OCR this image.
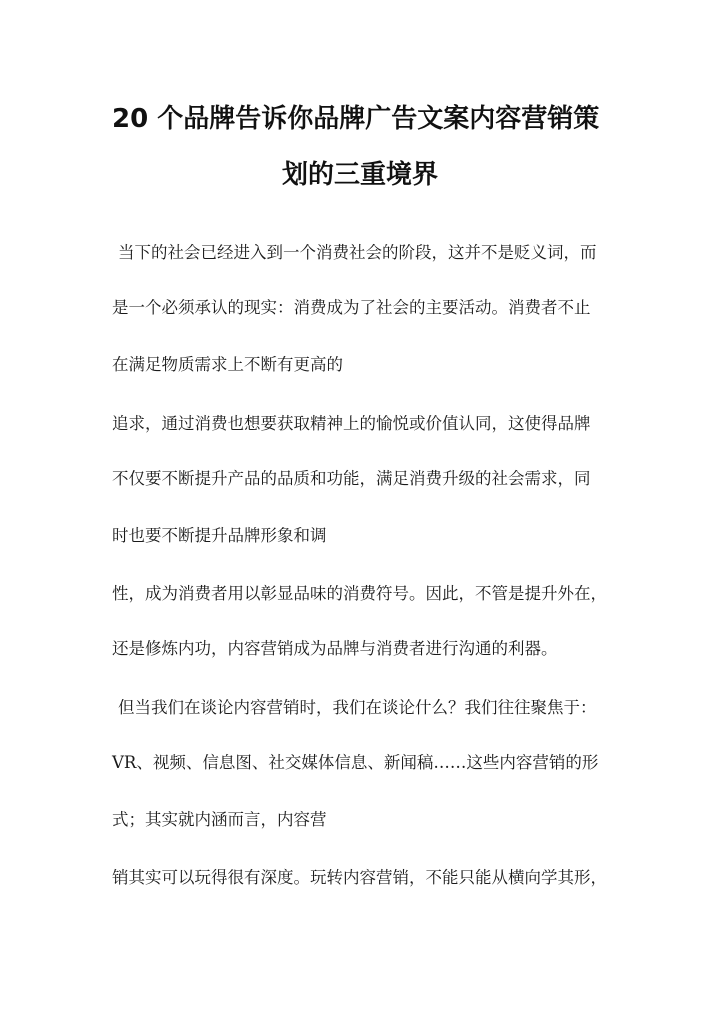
20 个品牌告诉你品牌广告文案内容营销策
划的三重境界
当下的社会已经进入到一个消费社会的阶段，这并不是贬义词，而
是一个必须承认的现实：消费成为了社会的主要活动。消费者不止
在满足物质需求上不断有更高的
追求，通过消费也想要获取精神上的愉悦或价值认同，这使得品牌
不仅要不断提升产品的品质和功能，满足消费升级的社会需求，同
时也要不断提升品牌形象和调
性，成为消费者用以彰显品味的消费符号。因此，不管是提升外在，
还是修炼内功，内容营销成为品牌与消费者进行沟通的利器。
但当我们在谈论内容营销时，我们在谈论什么？我们往往聚焦于：
VR、视频、信息图、社交媒体信息、新闻稿……这些内容营销的形
式；其实就内涵而言，内容营
销其实可以玩得很有深度。玩转内容营销，不能只能从横向学其形，
